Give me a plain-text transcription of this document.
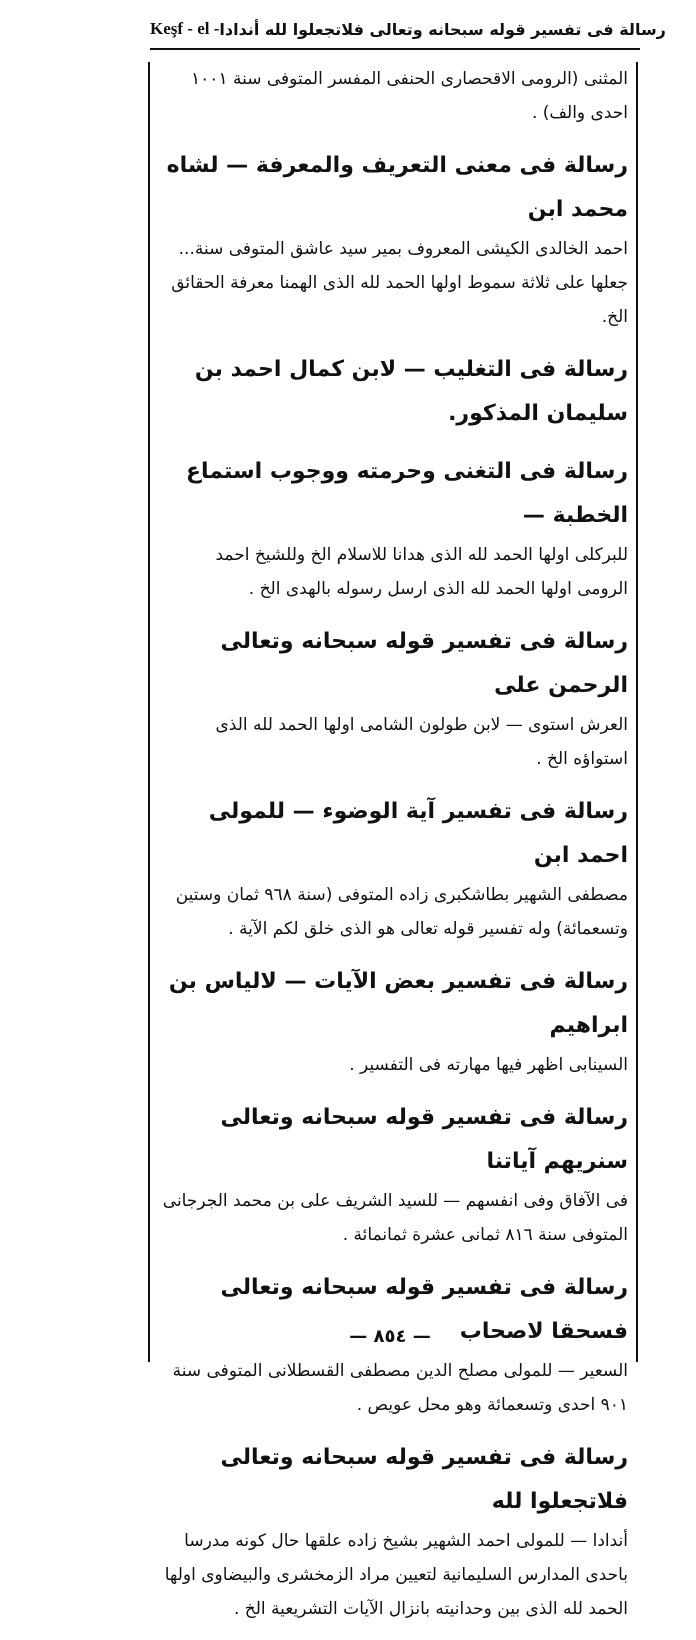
Keşf - el - رسالة فى تفسير قوله سبحانه وتعالى فلاتجعلوا لله أندادا

المثنى (الرومى الاقحصارى الحنفى المفسر المتوفى سنة ١٠٠١ احدى والف) .

رسالة فى معنى التعريف والمعرفة — لشاه محمد ابن

احمد الخالدى الكيشى المعروف بمير سيد عاشق المتوفى سنة... جعلها على ثلاثة سموط اولها الحمد لله الذى الهمنا معرفة الحقائق الخ.

رسالة فى التغليب — لابن كمال احمد بن سليمان المذكور.

رسالة فى التغنى وحرمته ووجوب استماع الخطبة —

للبركلى اولها الحمد لله الذى هدانا للاسلام الخ وللشيخ احمد الرومى اولها الحمد لله الذى ارسل رسوله بالهدى الخ .

رسالة فى تفسير قوله سبحانه وتعالى الرحمن على

العرش استوى — لابن طولون الشامى اولها الحمد لله الذى استواؤه الخ .

رسالة فى تفسير آية الوضوء — للمولى احمد ابن

مصطفى الشهير بطاشكبرى زاده المتوفى (سنة ٩٦٨ ثمان وستين وتسعمائة) وله تفسير قوله تعالى هو الذى خلق لكم الآية .

رسالة فى تفسير بعض الآيات — لالياس بن ابراهيم

السينابى اظهر فيها مهارته فى التفسير .

رسالة فى تفسير قوله سبحانه وتعالى سنريهم آياتنا

فى الآفاق وفى انفسهم — للسيد الشريف على بن محمد الجرجانى المتوفى سنة ٨١٦ ثمانى عشرة ثمانمائة .

رسالة فى تفسير قوله سبحانه وتعالى فسحقا لاصحاب

السعير — للمولى مصلح الدين مصطفى القسطلانى المتوفى سنة ٩٠١ احدى وتسعمائة وهو محل عويص .

رسالة فى تفسير قوله سبحانه وتعالى فلاتجعلوا لله

أندادا — للمولى احمد الشهير بشيخ زاده علقها حال كونه مدرسا باحدى المدارس السليمانية لتعيين مراد الزمخشرى والبيضاوى اولها الحمد لله الذى بين وحدانيته بانزال الآيات التشريعية الخ .

— ٨٥٤ —
